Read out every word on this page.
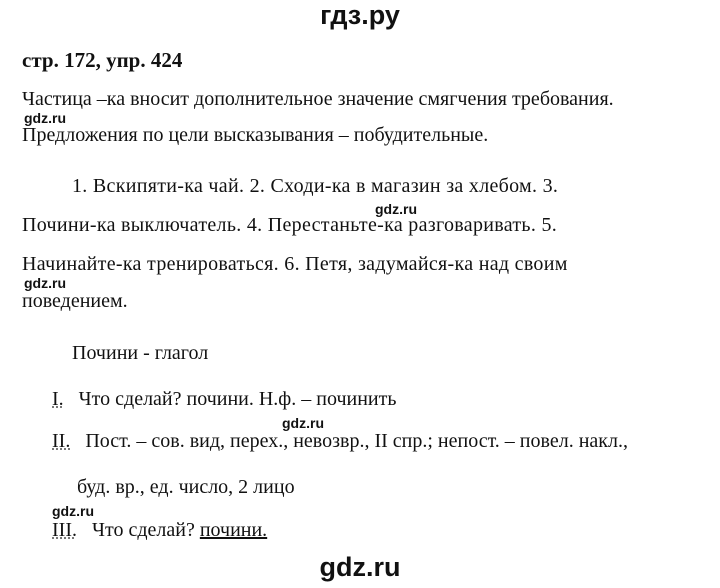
гдз.ру
стр. 172, упр. 424
Частица –ка вносит дополнительное значение смягчения требования.
gdz.ru
Предложения по цели высказывания – побудительные.
1. Вскипяти-ка чай. 2. Сходи-ка в магазин за хлебом. 3.
gdz.ru
Почини-ка выключатель. 4. Перестаньте-ка разговаривать. 5.
Начинайте-ка тренироваться. 6. Петя, задумайся-ка над своим
gdz.ru
поведением.
Почини - глагол
I. Что сделай? почини. Н.ф. – починить
gdz.ru
II. Пост. – сов. вид, перех., невозвр., II спр.; непост. – повел. накл.,
буд. вр., ед. число, 2 лицо
gdz.ru
III. Что сделай? почини.
gdz.ru
